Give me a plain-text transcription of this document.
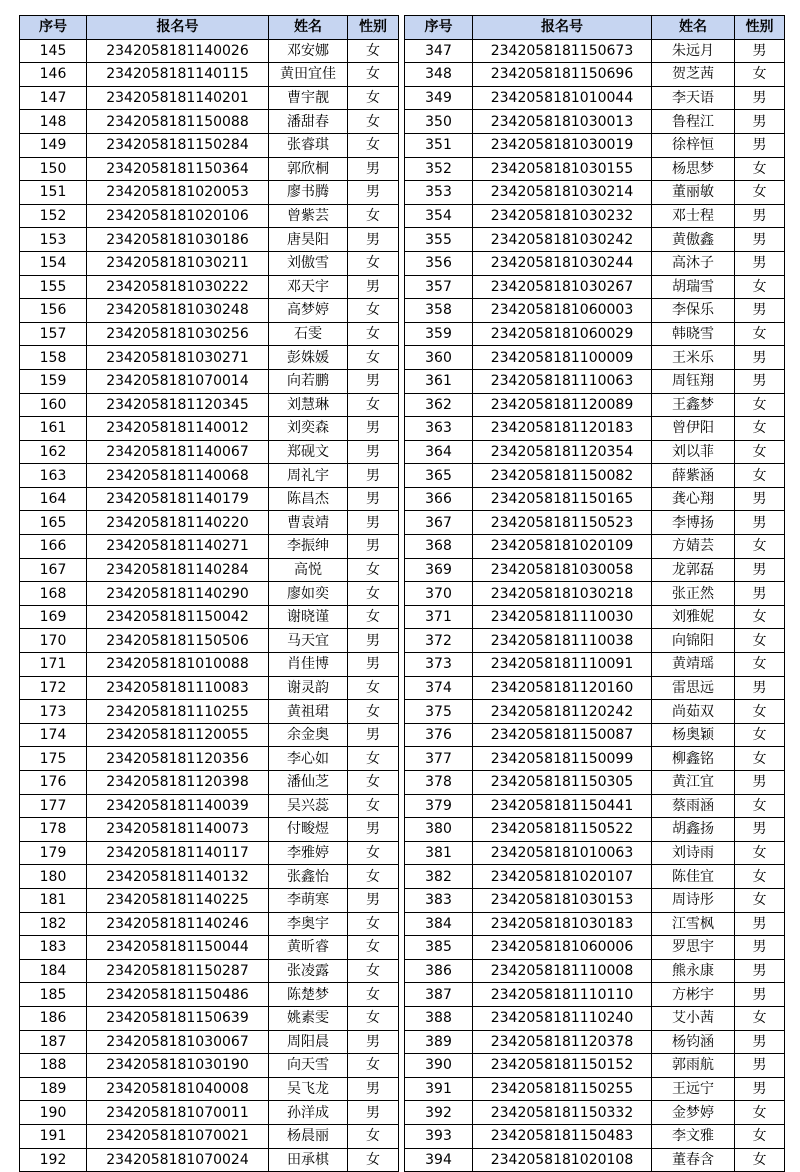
序号	报名号	姓名	性别
145	2342058181140026	邓安娜	女
146	2342058181140115	黄田宜佳	女
147	2342058181140201	曹宇靓	女
148	2342058181150088	潘甜春	女
149	2342058181150284	张睿琪	女
150	2342058181150364	郭欣桐	男
151	2342058181020053	廖书腾	男
152	2342058181020106	曾紫芸	女
153	2342058181030186	唐昊阳	男
154	2342058181030211	刘傲雪	女
155	2342058181030222	邓天宇	男
156	2342058181030248	高梦婷	女
157	2342058181030256	石雯	女
158	2342058181030271	彭姝媛	女
159	2342058181070014	向若鹏	男
160	2342058181120345	刘慧琳	女
161	2342058181140012	刘奕森	男
162	2342058181140067	郑砚文	男
163	2342058181140068	周礼宇	男
164	2342058181140179	陈昌杰	男
165	2342058181140220	曹袁靖	男
166	2342058181140271	李振绅	男
167	2342058181140284	高悦	女
168	2342058181140290	廖如奕	女
169	2342058181150042	谢晓谨	女
170	2342058181150506	马天宜	男
171	2342058181010088	肖佳博	男
172	2342058181110083	谢灵韵	女
173	2342058181110255	黄祖珺	女
174	2342058181120055	余金奥	男
175	2342058181120356	李心如	女
176	2342058181120398	潘仙芝	女
177	2342058181140039	吴兴蕊	女
178	2342058181140073	付畯煜	男
179	2342058181140117	李雅婷	女
180	2342058181140132	张鑫怡	女
181	2342058181140225	李萌寒	男
182	2342058181140246	李奥宇	女
183	2342058181150044	黄昕睿	女
184	2342058181150287	张凌露	女
185	2342058181150486	陈楚梦	女
186	2342058181150639	姚素雯	女
187	2342058181030067	周阳晨	男
188	2342058181030190	向天雪	女
189	2342058181040008	吴飞龙	男
190	2342058181070011	孙洋成	男
191	2342058181070021	杨晨丽	女
192	2342058181070024	田承棋	女
序号	报名号	姓名	性别
347	2342058181150673	朱远月	男
348	2342058181150696	贺芝茜	女
349	2342058181010044	李天语	男
350	2342058181030013	鲁程江	男
351	2342058181030019	徐梓恒	男
352	2342058181030155	杨思梦	女
353	2342058181030214	董丽敏	女
354	2342058181030232	邓士程	男
355	2342058181030242	黄傲鑫	男
356	2342058181030244	高沐子	男
357	2342058181030267	胡瑞雪	女
358	2342058181060003	李保乐	男
359	2342058181060029	韩晓雪	女
360	2342058181100009	王米乐	男
361	2342058181110063	周钰翔	男
362	2342058181120089	王鑫梦	女
363	2342058181120183	曾伊阳	女
364	2342058181120354	刘以菲	女
365	2342058181150082	薛紫涵	女
366	2342058181150165	龚心翔	男
367	2342058181150523	李博扬	男
368	2342058181020109	方婧芸	女
369	2342058181030058	龙郭磊	男
370	2342058181030218	张正然	男
371	2342058181110030	刘雅妮	女
372	2342058181110038	向锦阳	女
373	2342058181110091	黄靖瑶	女
374	2342058181120160	雷思远	男
375	2342058181120242	尚茹双	女
376	2342058181150087	杨奥颖	女
377	2342058181150099	柳鑫铭	女
378	2342058181150305	黄江宜	男
379	2342058181150441	蔡雨涵	女
380	2342058181150522	胡鑫扬	男
381	2342058181010063	刘诗雨	女
382	2342058181020107	陈佳宜	女
383	2342058181030153	周诗彤	女
384	2342058181030183	江雪枫	男
385	2342058181060006	罗思宇	男
386	2342058181110008	熊永康	男
387	2342058181110110	方彬宇	男
388	2342058181110240	艾小茜	女
389	2342058181120378	杨钧涵	男
390	2342058181150152	郭雨航	男
391	2342058181150255	王远宁	男
392	2342058181150332	金梦婷	女
393	2342058181150483	李文雅	女
394	2342058181020108	董春含	女
